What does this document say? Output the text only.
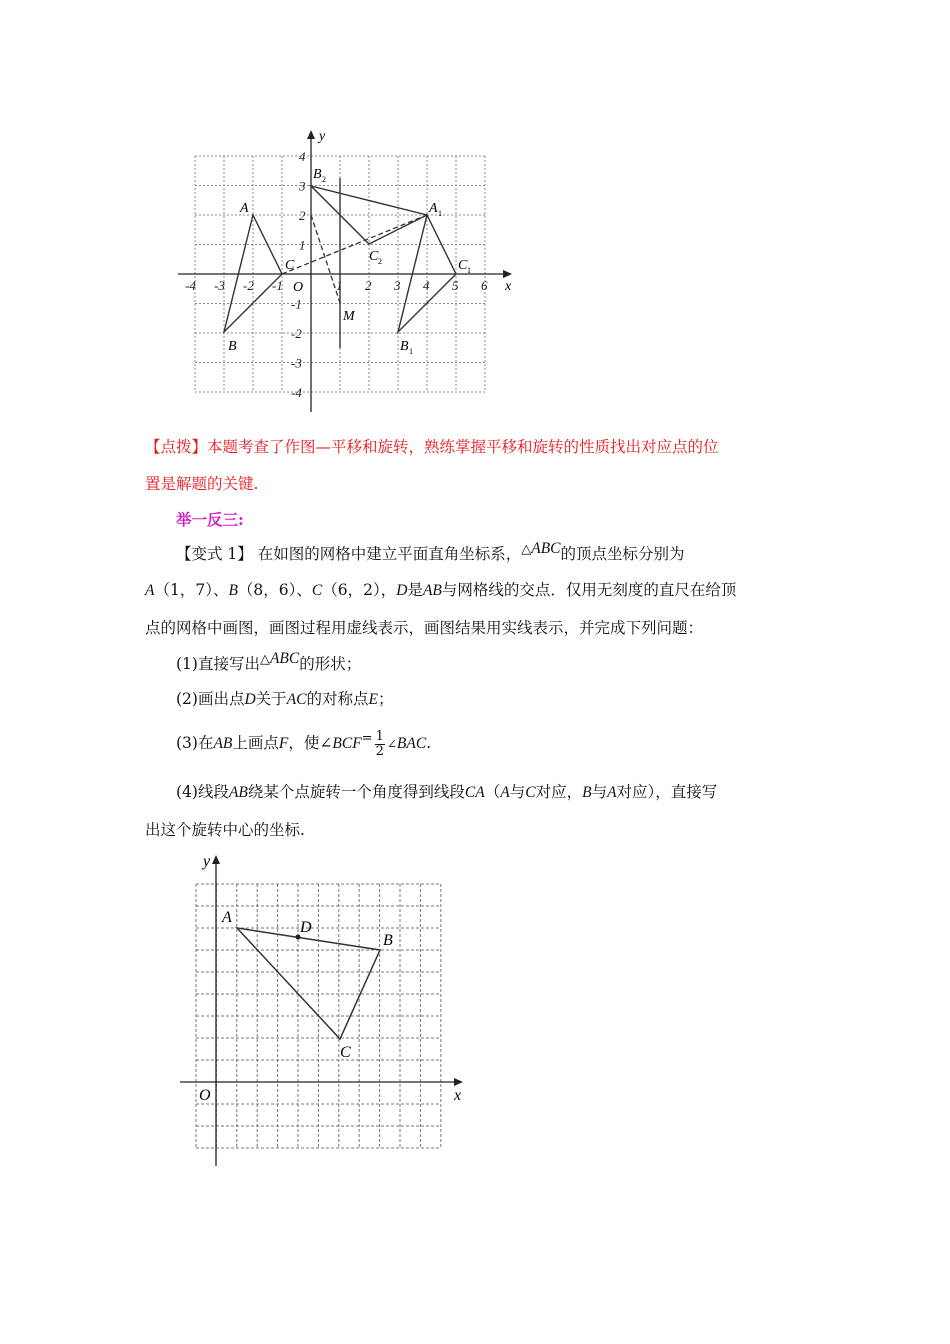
-4 -3 -2 -1	1 2 3 4 5 6
4
3
2
1
-1
-2
-3
-4
x
y
O
A
B
C
A 1
B 1
C 1
B 2
C 2
M
【点拨】本题考查了作图—平移和旋转，熟练掌握平移和旋转的性质找出对应点的位
置是解题的关键.
举一反三:
【变式 1】 在如图的网格中建立平面直角坐标系，△ABC的顶点坐标分别为
A（1，7）、B（8，6）、C（6，2），D是AB与网格线的交点．仅用无刻度的直尺在给顶
点的网格中画图，画图过程用虚线表示，画图结果用实线表示，并完成下列问题：
(1)直接写出△ABC的形状；
(2)画出点D关于AC的对称点E；
(3)在AB上画点F，使∠BCF= $\frac{1}{2}$ ∠BAC.
(4)线段AB绕某个点旋转一个角度得到线段CA（A与C对应，B与A对应），直接写
出这个旋转中心的坐标.
x
y
O
A
D
B
C
